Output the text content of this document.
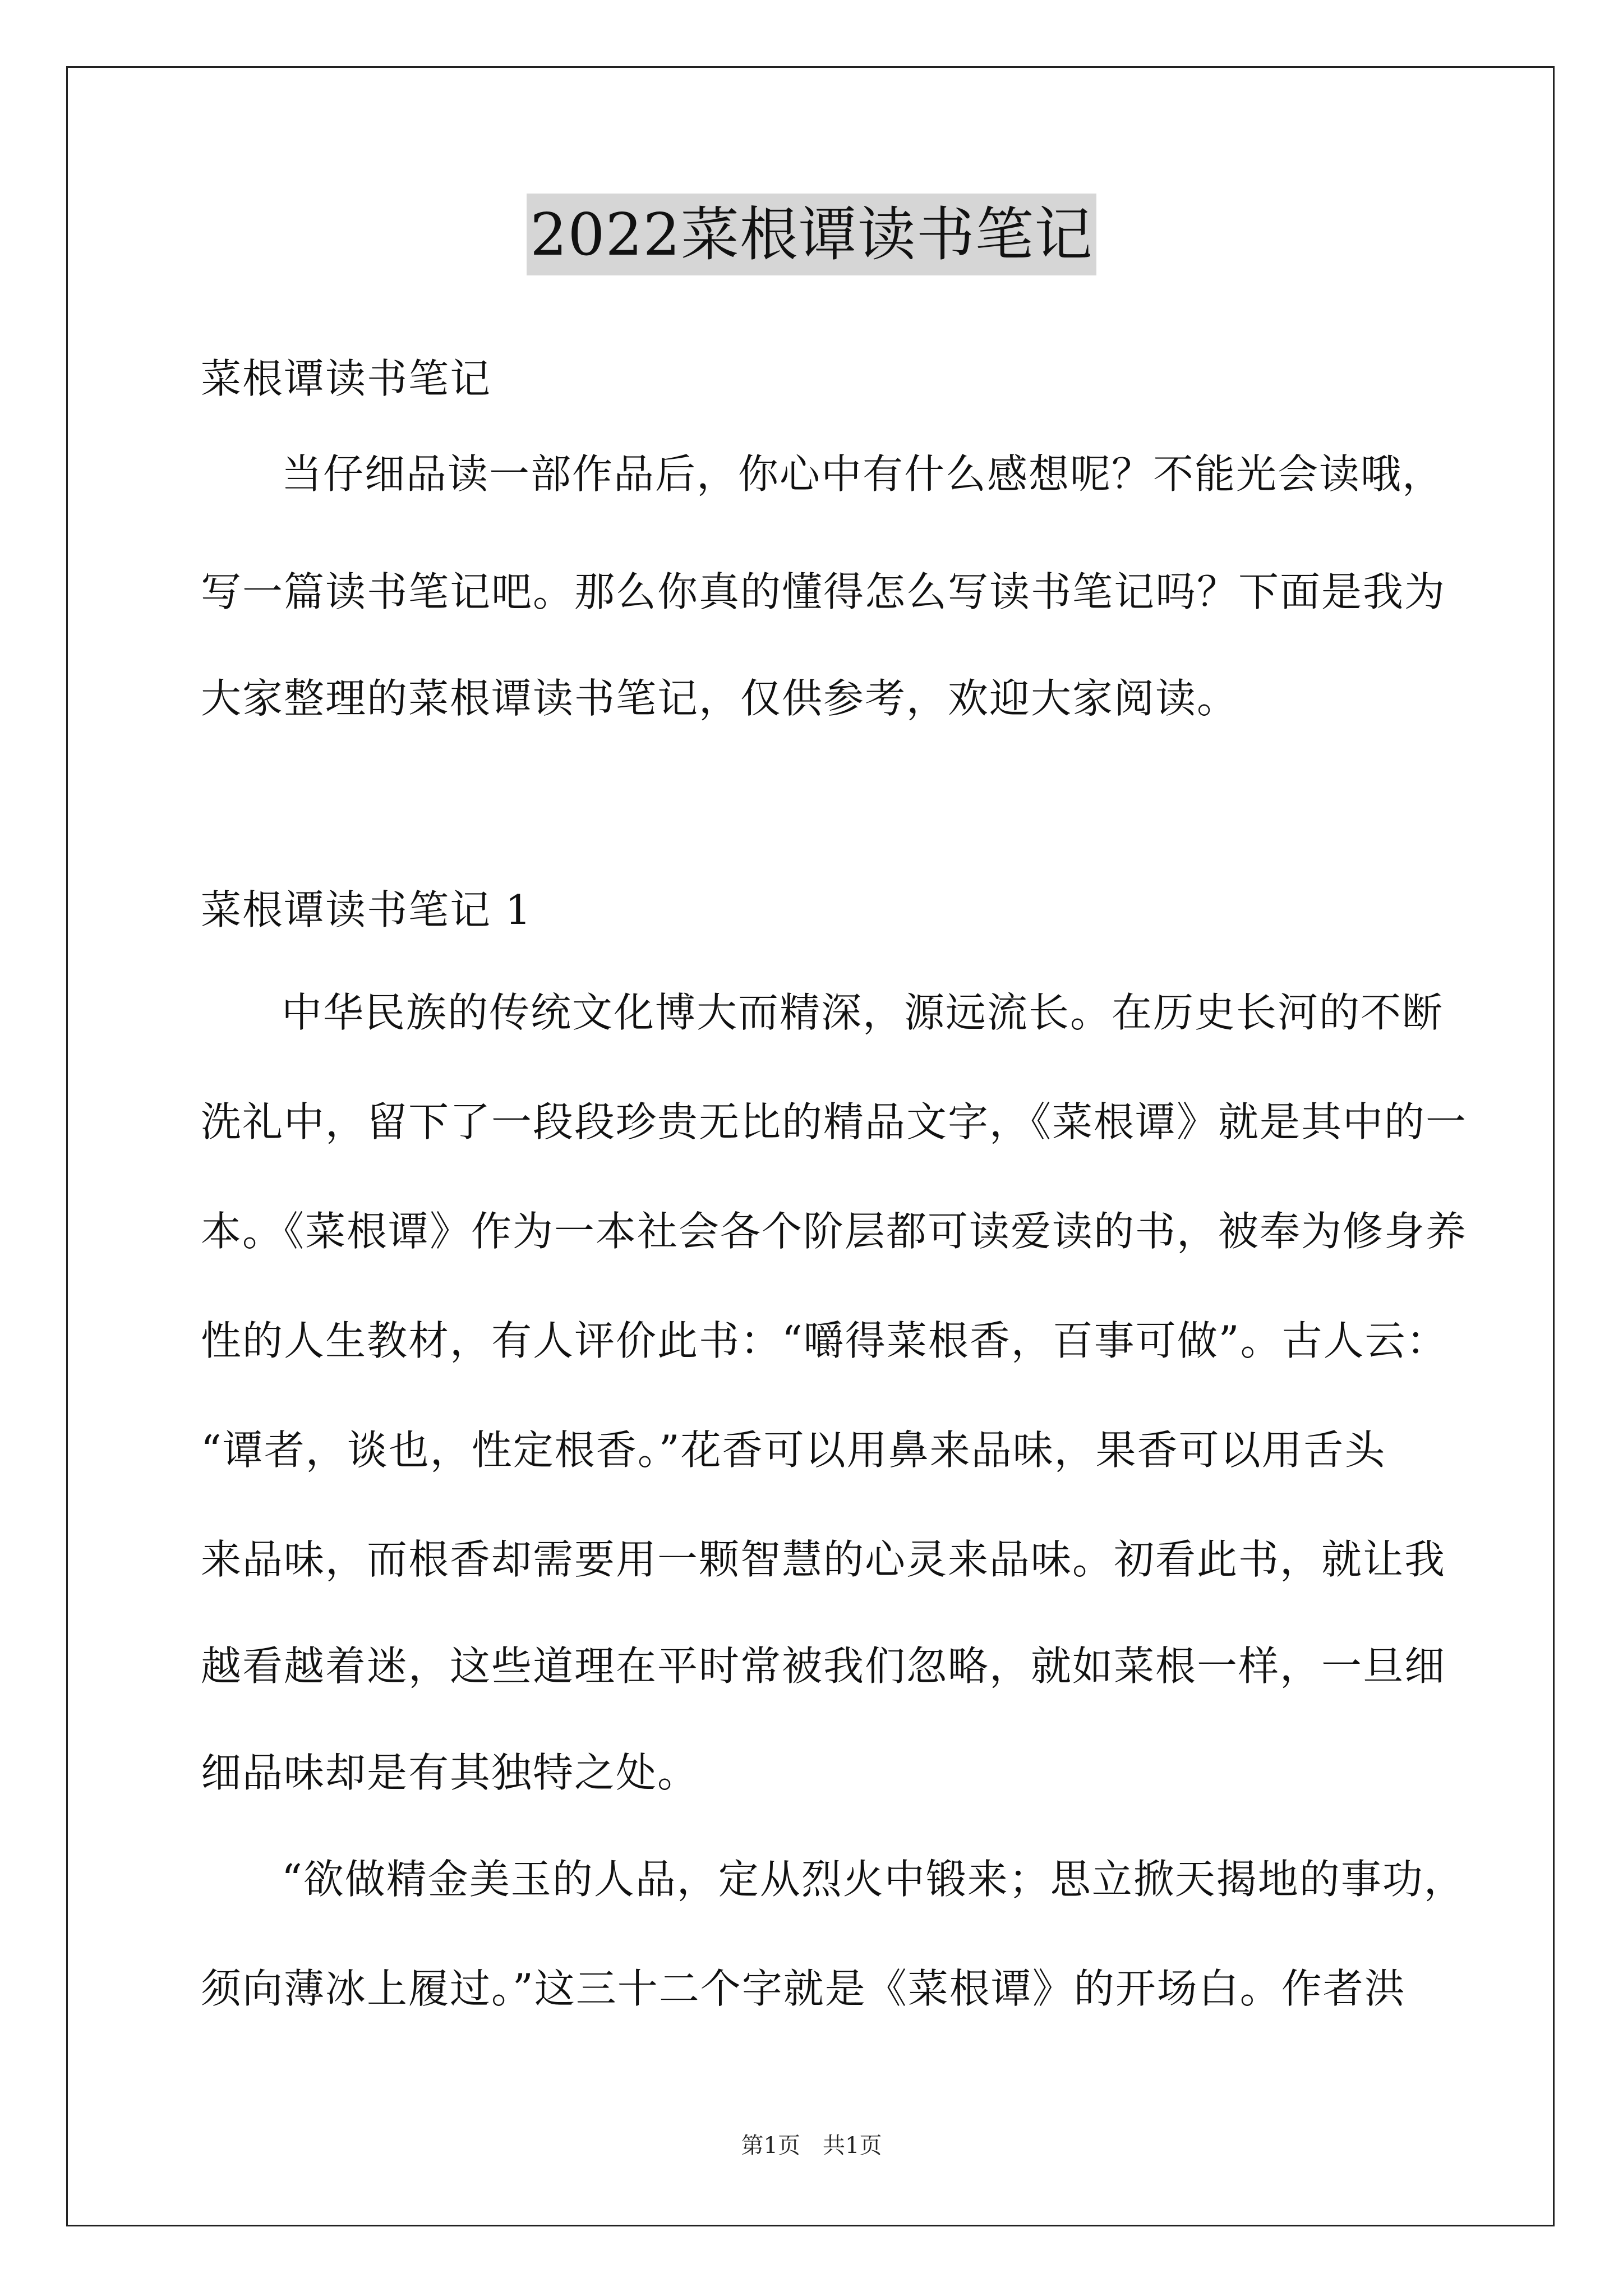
2022菜根谭读书笔记
菜根谭读书笔记
当仔细品读一部作品后，你心中有什么感想呢？不能光会读哦，
写一篇读书笔记吧。那么你真的懂得怎么写读书笔记吗？下面是我为
大家整理的菜根谭读书笔记，仅供参考，欢迎大家阅读。
菜根谭读书笔记 1
中华民族的传统文化博大而精深，源远流长。在历史长河的不断
洗礼中，留下了一段段珍贵无比的精品文字，《菜根谭》就是其中的一
本。《菜根谭》作为一本社会各个阶层都可读爱读的书，被奉为修身养
性的人生教材，有人评价此书：“嚼得菜根香，百事可做”。古人云：
“谭者，谈也，性定根香。”花香可以用鼻来品味，果香可以用舌头
来品味，而根香却需要用一颗智慧的心灵来品味。初看此书，就让我
越看越着迷，这些道理在平时常被我们忽略，就如菜根一样，一旦细
细品味却是有其独特之处。
“欲做精金美玉的人品，定从烈火中锻来；思立掀天揭地的事功，
须向薄冰上履过。”这三十二个字就是《菜根谭》的开场白。作者洪
第1页　共1页
